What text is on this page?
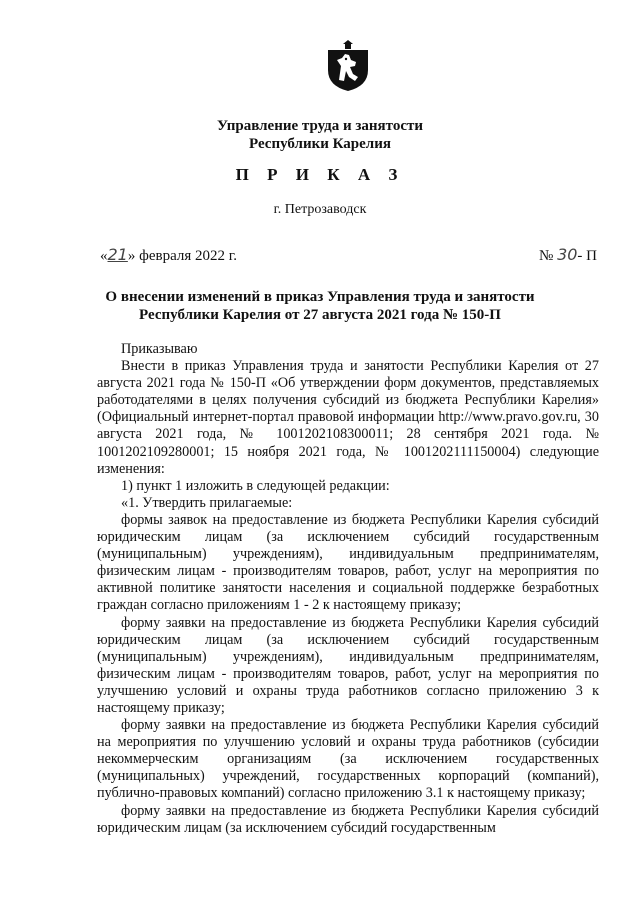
Управление труда и занятости
Республики Карелия
П Р И К А З
г. Петрозаводск
«21» февраля 2022 г.	№ 30- П
О внесении изменений в приказ Управления труда и занятости
Республики Карелия от 27 августа 2021 года № 150-П

Приказываю

Внести в приказ Управления труда и занятости Республики Карелия от 27 августа 2021 года № 150-П «Об утверждении форм документов, представляемых работодателями в целях получения субсидий из бюджета Республики Карелия» (Официальный интернет-портал правовой информации http://www.pravo.gov.ru, 30 августа 2021 года, № 1001202108300011; 28 сентября 2021 года. № 1001202109280001; 15 ноября 2021 года, № 1001202111150004) следующие изменения:

1) пункт 1 изложить в следующей редакции:

«1. Утвердить прилагаемые:

формы заявок на предоставление из бюджета Республики Карелия субсидий юридическим лицам (за исключением субсидий государственным (муниципальным) учреждениям), индивидуальным предпринимателям, физическим лицам - производителям товаров, работ, услуг на мероприятия по активной политике занятости населения и социальной поддержке безработных граждан согласно приложениям 1 - 2 к настоящему приказу;

форму заявки на предоставление из бюджета Республики Карелия субсидий юридическим лицам (за исключением субсидий государственным (муниципальным) учреждениям), индивидуальным предпринимателям, физическим лицам - производителям товаров, работ, услуг на мероприятия по улучшению условий и охраны труда работников согласно приложению 3 к настоящему приказу;

форму заявки на предоставление из бюджета Республики Карелия субсидий на мероприятия по улучшению условий и охраны труда работников (субсидии некоммерческим организациям (за исключением государственных (муниципальных) учреждений, государственных корпораций (компаний), публично-правовых компаний) согласно приложению 3.1 к настоящему приказу;

форму заявки на предоставление из бюджета Республики Карелия субсидий юридическим лицам (за исключением субсидий государственным
